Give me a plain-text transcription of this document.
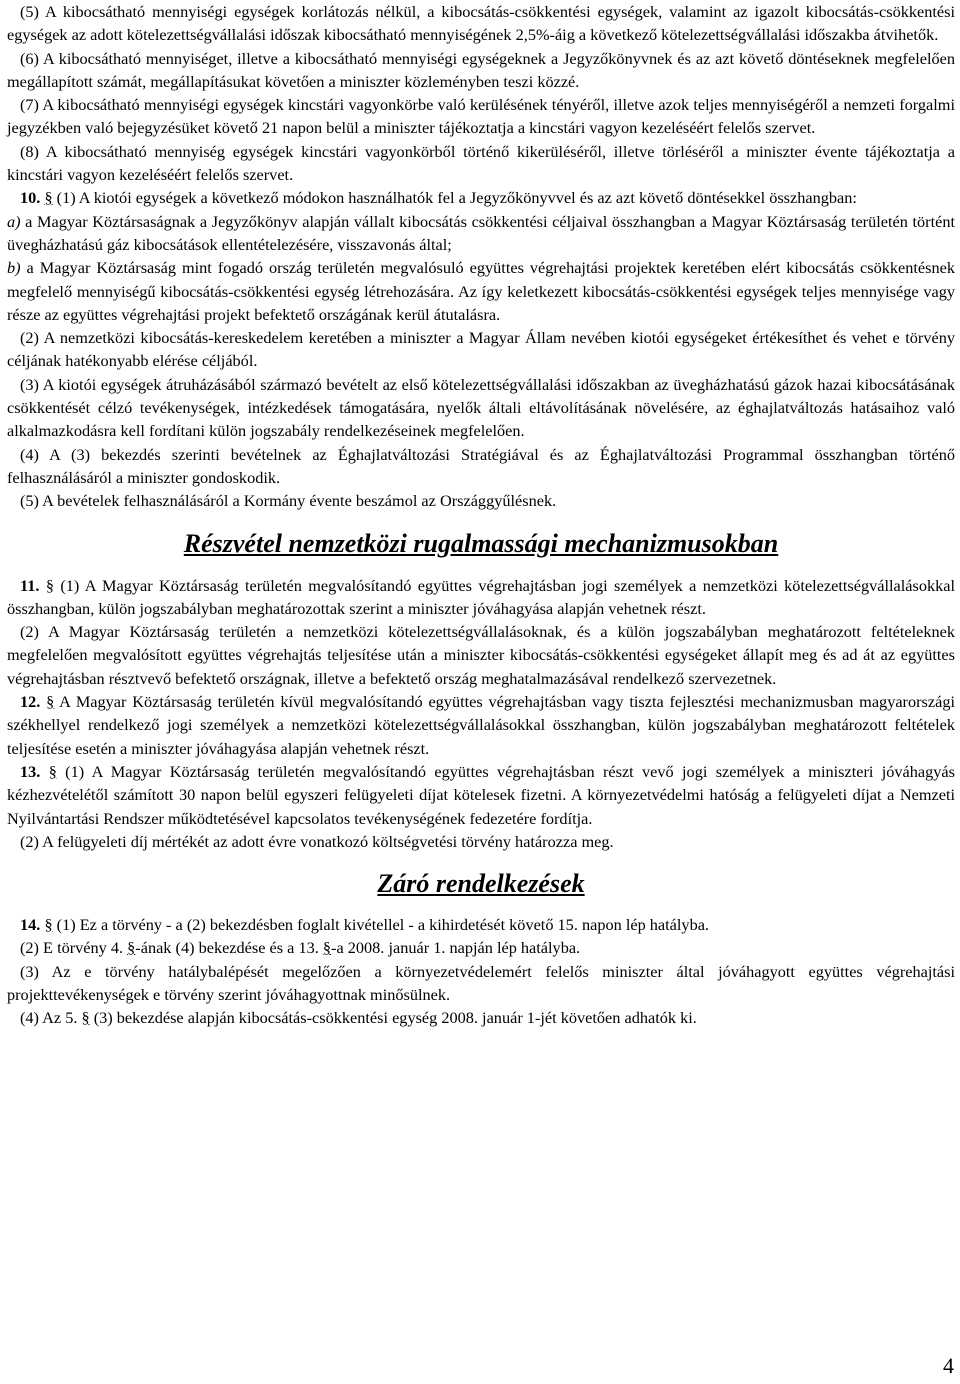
(5) A kibocsátható mennyiségi egységek korlátozás nélkül, a kibocsátás-csökkentési egységek, valamint az igazolt kibocsátás-csökkentési egységek az adott kötelezettségvállalási időszak kibocsátható mennyiségének 2,5%-áig a következő kötelezettségvállalási időszakba átvihetők.

(6) A kibocsátható mennyiséget, illetve a kibocsátható mennyiségi egységeknek a Jegyzőkönyvnek és az azt követő döntéseknek megfelelően megállapított számát, megállapításukat követően a miniszter közleményben teszi közzé.

(7) A kibocsátható mennyiségi egységek kincstári vagyonkörbe való kerülésének tényéről, illetve azok teljes mennyiségéről a nemzeti forgalmi jegyzékben való bejegyzésüket követő 21 napon belül a miniszter tájékoztatja a kincstári vagyon kezeléséért felelős szervet.

(8) A kibocsátható mennyiség egységek kincstári vagyonkörből történő kikerüléséről, illetve törléséről a miniszter évente tájékoztatja a kincstári vagyon kezeléséért felelős szervet.

10. § (1) A kiotói egységek a következő módokon használhatók fel a Jegyzőkönyvvel és az azt követő döntésekkel összhangban:

a) a Magyar Köztársaságnak a Jegyzőkönyv alapján vállalt kibocsátás csökkentési céljaival összhangban a Magyar Köztársaság területén történt üvegházhatású gáz kibocsátások ellentételezésére, visszavonás által;

b) a Magyar Köztársaság mint fogadó ország területén megvalósuló együttes végrehajtási projektek keretében elért kibocsátás csökkentésnek megfelelő mennyiségű kibocsátás-csökkentési egység létrehozására. Az így keletkezett kibocsátás-csökkentési egységek teljes mennyisége vagy része az együttes végrehajtási projekt befektető országának kerül átutalásra.

(2) A nemzetközi kibocsátás-kereskedelem keretében a miniszter a Magyar Állam nevében kiotói egységeket értékesíthet és vehet e törvény céljának hatékonyabb elérése céljából.

(3) A kiotói egységek átruházásából származó bevételt az első kötelezettségvállalási időszakban az üvegházhatású gázok hazai kibocsátásának csökkentését célzó tevékenységek, intézkedések támogatására, nyelők általi eltávolításának növelésére, az éghajlatváltozás hatásaihoz való alkalmazkodásra kell fordítani külön jogszabály rendelkezéseinek megfelelően.

(4) A (3) bekezdés szerinti bevételnek az Éghajlatváltozási Stratégiával és az Éghajlatváltozási Programmal összhangban történő felhasználásáról a miniszter gondoskodik.

(5) A bevételek felhasználásáról a Kormány évente beszámol az Országgyűlésnek.

Részvétel nemzetközi rugalmassági mechanizmusokban

11. § (1) A Magyar Köztársaság területén megvalósítandó együttes végrehajtásban jogi személyek a nemzetközi kötelezettségvállalásokkal összhangban, külön jogszabályban meghatározottak szerint a miniszter jóváhagyása alapján vehetnek részt.

(2) A Magyar Köztársaság területén a nemzetközi kötelezettségvállalásoknak, és a külön jogszabályban meghatározott feltételeknek megfelelően megvalósított együttes végrehajtás teljesítése után a miniszter kibocsátás-csökkentési egységeket állapít meg és ad át az együttes végrehajtásban résztvevő befektető országnak, illetve a befektető ország meghatalmazásával rendelkező szervezetnek.

12. § A Magyar Köztársaság területén kívül megvalósítandó együttes végrehajtásban vagy tiszta fejlesztési mechanizmusban magyarországi székhellyel rendelkező jogi személyek a nemzetközi kötelezettségvállalásokkal összhangban, külön jogszabályban meghatározott feltételek teljesítése esetén a miniszter jóváhagyása alapján vehetnek részt.

13. § (1) A Magyar Köztársaság területén megvalósítandó együttes végrehajtásban részt vevő jogi személyek a miniszteri jóváhagyás kézhezvételétől számított 30 napon belül egyszeri felügyeleti díjat kötelesek fizetni. A környezetvédelmi hatóság a felügyeleti díjat a Nemzeti Nyilvántartási Rendszer működtetésével kapcsolatos tevékenységének fedezetére fordítja.

(2) A felügyeleti díj mértékét az adott évre vonatkozó költségvetési törvény határozza meg.

Záró rendelkezések

14. § (1) Ez a törvény - a (2) bekezdésben foglalt kivétellel - a kihirdetését követő 15. napon lép hatályba.

(2) E törvény 4. §-ának (4) bekezdése és a 13. §-a 2008. január 1. napján lép hatályba.

(3) Az e törvény hatálybalépését megelőzően a környezetvédelemért felelős miniszter által jóváhagyott együttes végrehajtási projekttevékenységek e törvény szerint jóváhagyottnak minősülnek.

(4) Az 5. § (3) bekezdése alapján kibocsátás-csökkentési egység 2008. január 1-jét követően adhatók ki.

4
